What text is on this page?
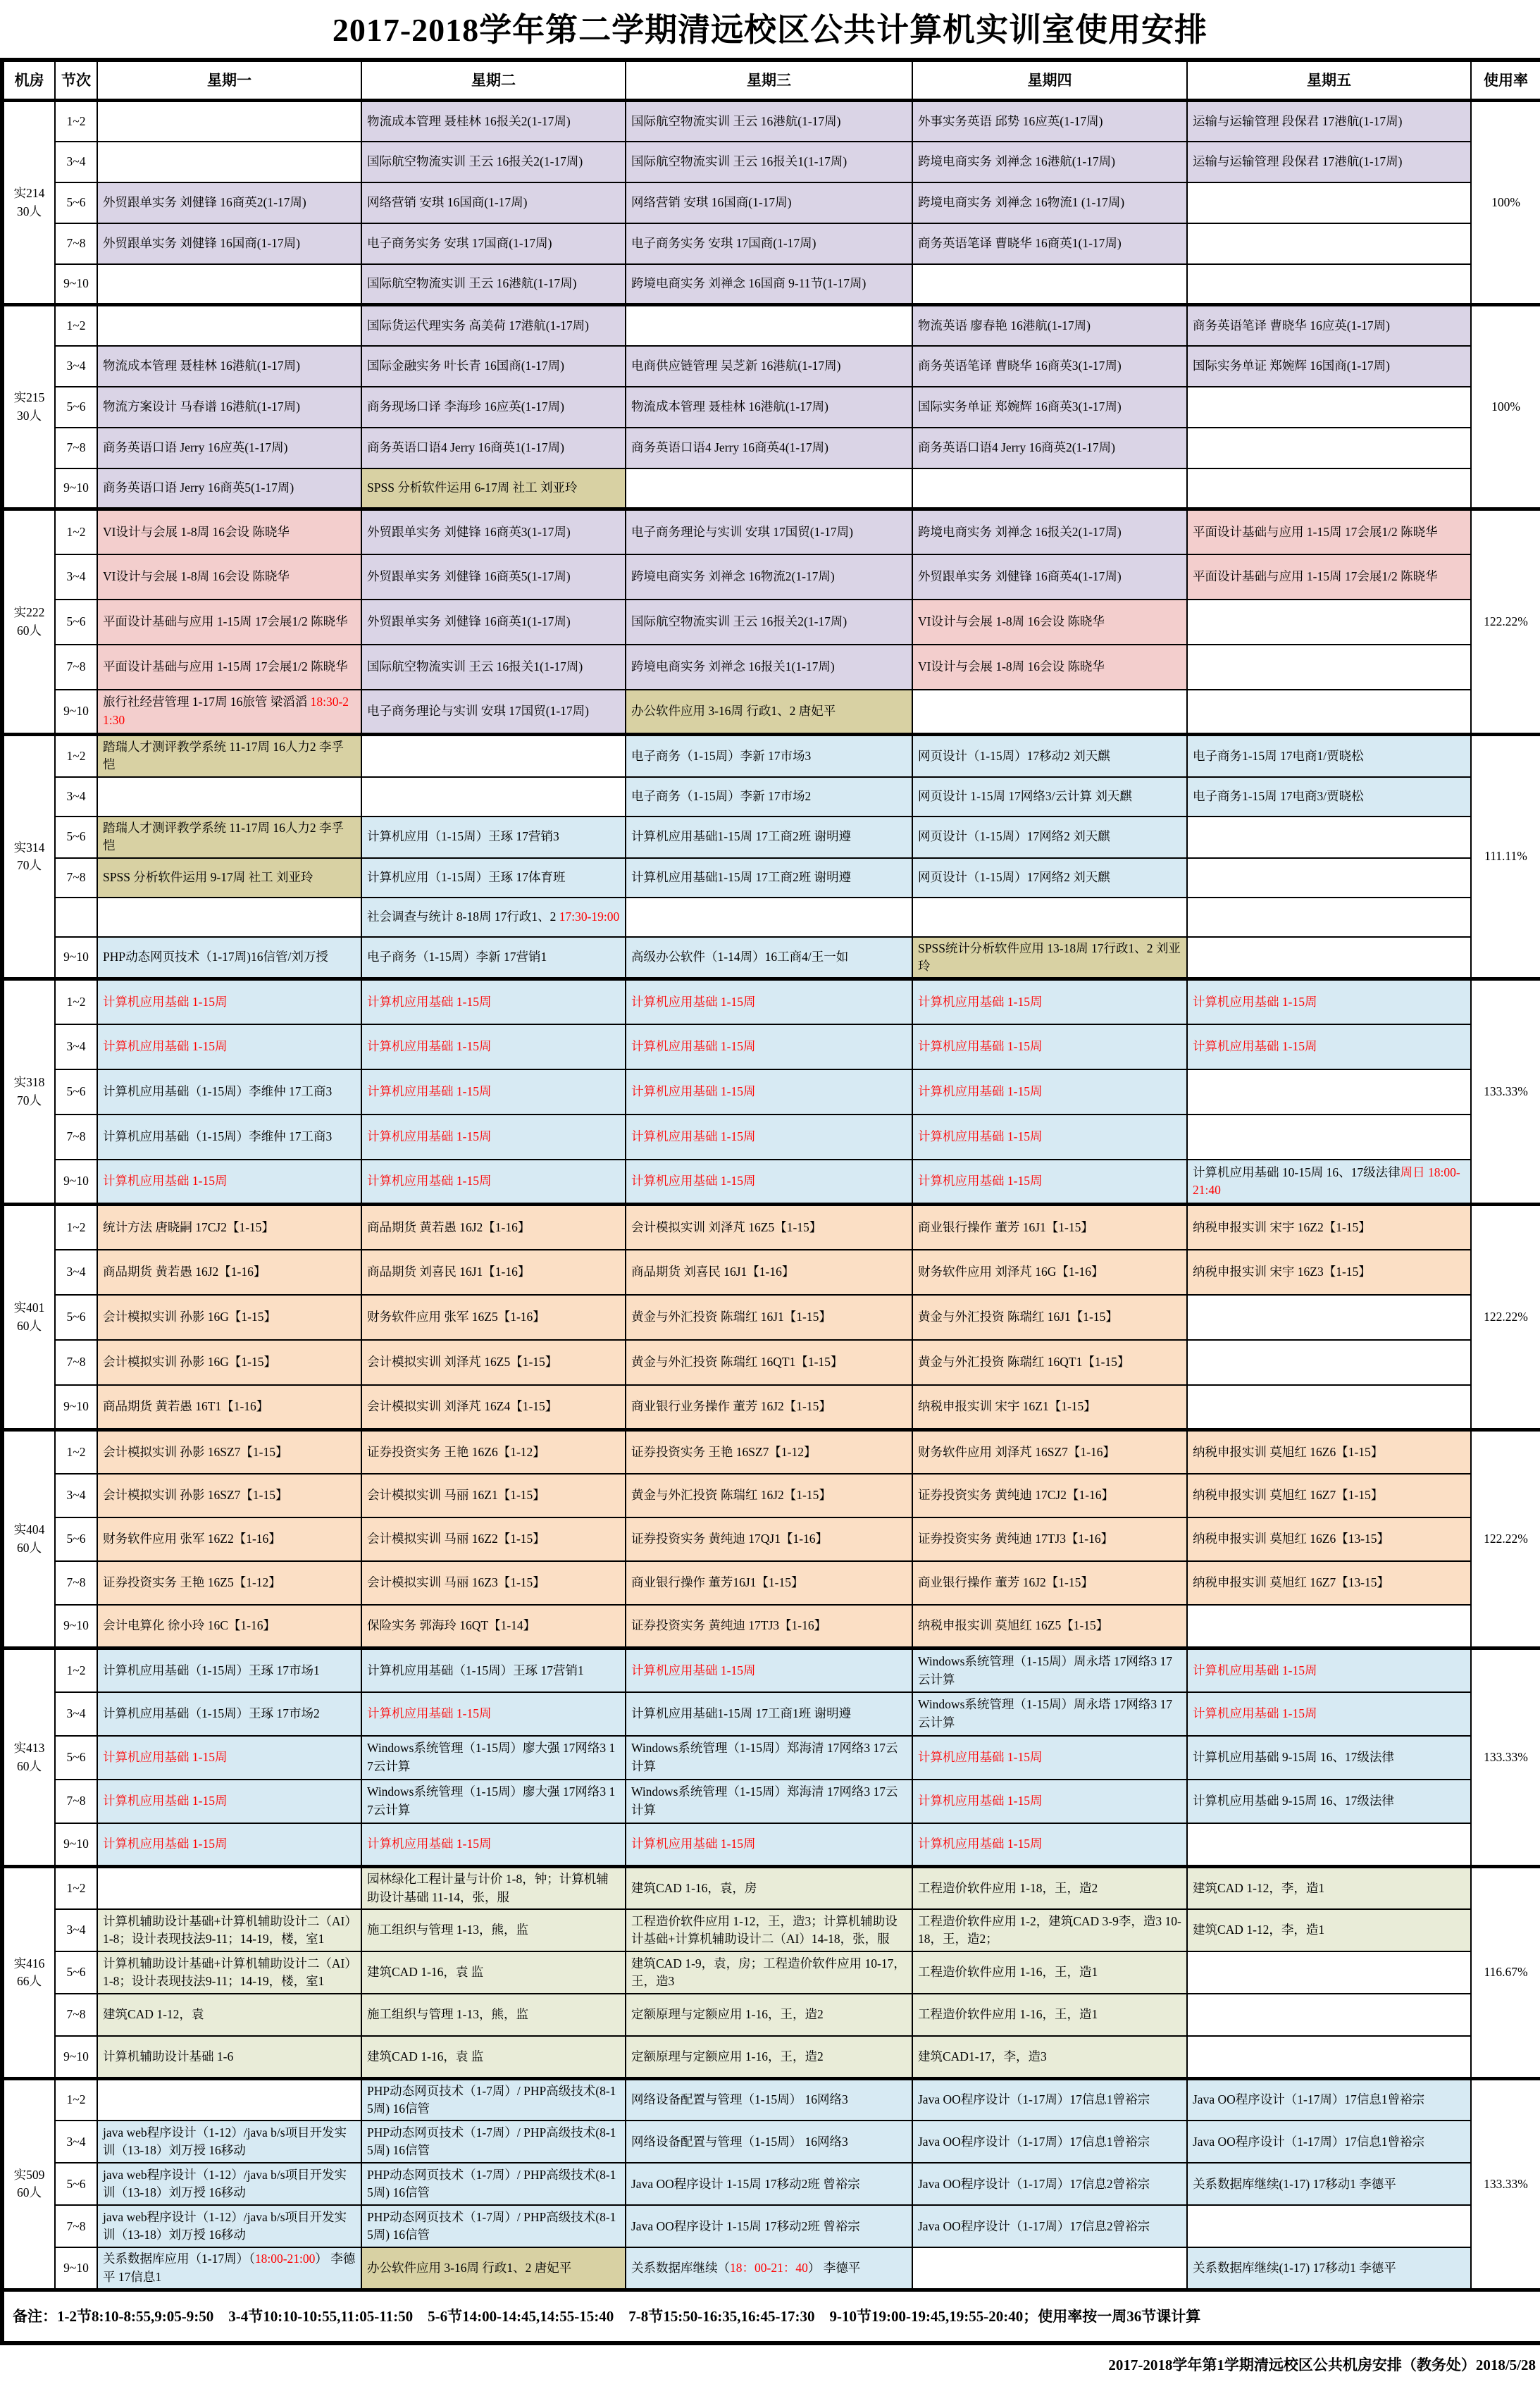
2017-2018学年第二学期清远校区公共计算机实训室使用安排
机房	节次	星期一	星期二	星期三	星期四	星期五	使用率

实214
30人	1~2		物流成本管理 聂桂林 16报关2(1-17周)	国际航空物流实训 王云 16港航(1-17周)	外事实务英语 邱势 16应英(1-17周)	运输与运输管理 段保君 17港航(1-17周)	100%
	3~4		国际航空物流实训 王云 16报关2(1-17周)	国际航空物流实训 王云 16报关1(1-17周)	跨境电商实务 刘禅念 16港航(1-17周)	运输与运输管理 段保君 17港航(1-17周)	
	5~6	外贸跟单实务 刘健锋 16商英2(1-17周)	网络营销 安琪 16国商(1-17周)	网络营销 安琪 16国商(1-17周)	跨境电商实务 刘禅念 16物流1 (1-17周)		
	7~8	外贸跟单实务 刘健锋 16国商(1-17周)	电子商务实务 安琪 17国商(1-17周)	电子商务实务 安琪 17国商(1-17周)	商务英语笔译 曹晓华 16商英1(1-17周)		
	9~10		国际航空物流实训 王云 16港航(1-17周)	跨境电商实务 刘禅念 16国商 9-11节(1-17周)			

实215
30人	1~2		国际货运代理实务 高美荷 17港航(1-17周)		物流英语 廖春艳 16港航(1-17周)	商务英语笔译 曹晓华 16应英(1-17周)	100%
	3~4	物流成本管理 聂桂林 16港航(1-17周)	国际金融实务 叶长青 16国商(1-17周)	电商供应链管理 吴芝新 16港航(1-17周)	商务英语笔译 曹晓华 16商英3(1-17周)	国际实务单证 郑婉辉 16国商(1-17周)	
	5~6	物流方案设计 马春谱 16港航(1-17周)	商务现场口译 李海珍 16应英(1-17周)	物流成本管理 聂桂林 16港航(1-17周)	国际实务单证 郑婉辉 16商英3(1-17周)		
	7~8	商务英语口语 Jerry 16应英(1-17周)	商务英语口语4 Jerry 16商英1(1-17周)	商务英语口语4 Jerry 16商英4(1-17周)	商务英语口语4 Jerry 16商英2(1-17周)		
	9~10	商务英语口语 Jerry 16商英5(1-17周)	SPSS 分析软件运用 6-17周 社工 刘亚玲				

实222
60人	1~2	VI设计与会展 1-8周 16会设 陈晓华	外贸跟单实务 刘健锋 16商英3(1-17周)	电子商务理论与实训 安琪 17国贸(1-17周)	跨境电商实务 刘禅念 16报关2(1-17周)	平面设计基础与应用 1-15周 17会展1/2 陈晓华	122.22%
	3~4	VI设计与会展 1-8周 16会设 陈晓华	外贸跟单实务 刘健锋 16商英5(1-17周)	跨境电商实务 刘禅念 16物流2(1-17周)	外贸跟单实务 刘健锋 16商英4(1-17周)	平面设计基础与应用 1-15周 17会展1/2 陈晓华	
	5~6	平面设计基础与应用 1-15周 17会展1/2 陈晓华	外贸跟单实务 刘健锋 16商英1(1-17周)	国际航空物流实训 王云 16报关2(1-17周)	VI设计与会展 1-8周 16会设 陈晓华		
	7~8	平面设计基础与应用 1-15周 17会展1/2 陈晓华	国际航空物流实训 王云 16报关1(1-17周)	跨境电商实务 刘禅念 16报关1(1-17周)	VI设计与会展 1-8周 16会设 陈晓华		
	9~10	旅行社经营管理 1-17周 16旅管 梁滔滔 18:30-21:30	电子商务理论与实训 安琪 17国贸(1-17周)	办公软件应用 3-16周 行政1、2 唐妃平			

实314
70人	1~2	踏瑞人才测评教学系统 11-17周 16人力2 李孚恺		电子商务（1-15周）李新 17市场3	网页设计（1-15周）17移动2 刘天麒	电子商务1-15周 17电商1/贾晓松	111.11%
	3~4			电子商务（1-15周）李新 17市场2	网页设计 1-15周 17网络3/云计算 刘天麒	电子商务1-15周 17电商3/贾晓松	
	5~6	踏瑞人才测评教学系统 11-17周 16人力2 李孚恺	计算机应用（1-15周）王琢 17营销3	计算机应用基础1-15周 17工商2班 谢明遵	网页设计（1-15周）17网络2 刘天麒		
	7~8	SPSS 分析软件运用 9-17周 社工 刘亚玲	计算机应用（1-15周）王琢 17体育班	计算机应用基础1-15周 17工商2班 谢明遵	网页设计（1-15周）17网络2 刘天麒		
			社会调查与统计 8-18周 17行政1、2 17:30-19:00				
	9~10	PHP动态网页技术（1-17周)16信管/刘万授	电子商务（1-15周）李新 17营销1	高级办公软件（1-14周）16工商4/王一如	SPSS统计分析软件应用 13-18周 17行政1、2 刘亚玲		

实318
70人	1~2	计算机应用基础 1-15周	计算机应用基础 1-15周	计算机应用基础 1-15周	计算机应用基础 1-15周	计算机应用基础 1-15周	133.33%
	3~4	计算机应用基础 1-15周	计算机应用基础 1-15周	计算机应用基础 1-15周	计算机应用基础 1-15周	计算机应用基础 1-15周	
	5~6	计算机应用基础（1-15周）李维仲 17工商3	计算机应用基础 1-15周	计算机应用基础 1-15周	计算机应用基础 1-15周		
	7~8	计算机应用基础（1-15周）李维仲 17工商3	计算机应用基础 1-15周	计算机应用基础 1-15周	计算机应用基础 1-15周		
	9~10	计算机应用基础 1-15周	计算机应用基础 1-15周	计算机应用基础 1-15周	计算机应用基础 1-15周	计算机应用基础 10-15周 16、17级法律周日 18:00-21:40	

实401
60人	1~2	统计方法 唐晓嗣 17CJ2【1-15】	商品期货 黄若愚 16J2【1-16】	会计模拟实训 刘泽芃 16Z5【1-15】	商业银行操作 董芳 16J1【1-15】	纳税申报实训 宋宇 16Z2【1-15】	122.22%
	3~4	商品期货 黄若愚 16J2【1-16】	商品期货 刘喜民 16J1【1-16】	商品期货 刘喜民 16J1【1-16】	财务软件应用 刘泽芃 16G【1-16】	纳税申报实训 宋宇 16Z3【1-15】	
	5~6	会计模拟实训 孙影 16G【1-15】	财务软件应用 张军 16Z5【1-16】	黄金与外汇投资 陈瑞红 16J1【1-15】	黄金与外汇投资 陈瑞红 16J1【1-15】		
	7~8	会计模拟实训 孙影 16G【1-15】	会计模拟实训 刘泽芃 16Z5【1-15】	黄金与外汇投资 陈瑞红 16QT1【1-15】	黄金与外汇投资 陈瑞红 16QT1【1-15】		
	9~10	商品期货 黄若愚 16T1【1-16】	会计模拟实训 刘泽芃 16Z4【1-15】	商业银行业务操作 董芳 16J2【1-15】	纳税申报实训 宋宇 16Z1【1-15】		

实404
60人	1~2	会计模拟实训 孙影 16SZ7【1-15】	证券投资实务 王艳 16Z6【1-12】	证券投资实务 王艳 16SZ7【1-12】	财务软件应用 刘泽芃 16SZ7【1-16】	纳税申报实训 莫旭红 16Z6【1-15】	122.22%
	3~4	会计模拟实训 孙影 16SZ7【1-15】	会计模拟实训 马丽 16Z1【1-15】	黄金与外汇投资 陈瑞红 16J2【1-15】	证券投资实务 黄纯迪 17CJ2【1-16】	纳税申报实训 莫旭红 16Z7【1-15】	
	5~6	财务软件应用 张军 16Z2【1-16】	会计模拟实训 马丽 16Z2【1-15】	证券投资实务 黄纯迪 17QJ1【1-16】	证券投资实务 黄纯迪 17TJ3【1-16】	纳税申报实训 莫旭红 16Z6【13-15】	
	7~8	证券投资实务 王艳 16Z5【1-12】	会计模拟实训 马丽 16Z3【1-15】	商业银行操作 董芳16J1【1-15】	商业银行操作 董芳 16J2【1-15】	纳税申报实训 莫旭红 16Z7【13-15】	
	9~10	会计电算化 徐小玲 16C【1-16】	保险实务 郭海玲 16QT【1-14】	证券投资实务 黄纯迪 17TJ3【1-16】	纳税申报实训 莫旭红 16Z5【1-15】		

实413
60人	1~2	计算机应用基础（1-15周）王琢 17市场1	计算机应用基础（1-15周）王琢 17营销1	计算机应用基础 1-15周	Windows系统管理（1-15周）周永塔 17网络3 17云计算	计算机应用基础 1-15周	133.33%
	3~4	计算机应用基础（1-15周）王琢 17市场2	计算机应用基础 1-15周	计算机应用基础1-15周 17工商1班 谢明遵	Windows系统管理（1-15周）周永塔 17网络3 17云计算	计算机应用基础 1-15周	
	5~6	计算机应用基础 1-15周	Windows系统管理（1-15周）廖大强 17网络3 17云计算	Windows系统管理（1-15周）郑海清 17网络3 17云计算	计算机应用基础 1-15周	计算机应用基础 9-15周 16、17级法律	
	7~8	计算机应用基础 1-15周	Windows系统管理（1-15周）廖大强 17网络3 17云计算	Windows系统管理（1-15周）郑海清 17网络3 17云计算	计算机应用基础 1-15周	计算机应用基础 9-15周 16、17级法律	
	9~10	计算机应用基础 1-15周	计算机应用基础 1-15周	计算机应用基础 1-15周	计算机应用基础 1-15周		

实416
66人	1~2		园林绿化工程计量与计价 1-8，钟；计算机辅助设计基础 11-14，张，服	建筑CAD 1-16，袁，房	工程造价软件应用 1-18，王，造2	建筑CAD 1-12，李，造1	116.67%
	3~4	计算机辅助设计基础+计算机辅助设计二（AI）1-8；设计表现技法9-11；14-19，楼，室1	施工组织与管理 1-13，熊，监	工程造价软件应用 1-12，王，造3；计算机辅助设计基础+计算机辅助设计二（AI）14-18，张，服	工程造价软件应用 1-2，建筑CAD 3-9李，造3 10-18，王，造2；	建筑CAD 1-12，李，造1	
	5~6	计算机辅助设计基础+计算机辅助设计二（AI）1-8；设计表现技法9-11；14-19，楼，室1	建筑CAD 1-16，袁 监	建筑CAD 1-9，袁，房；工程造价软件应用 10-17，王，造3	工程造价软件应用 1-16，王，造1		
	7~8	建筑CAD 1-12，袁	施工组织与管理 1-13，熊，监	定额原理与定额应用 1-16，王，造2	工程造价软件应用 1-16，王，造1		
	9~10	计算机辅助设计基础 1-6	建筑CAD 1-16，袁 监	定额原理与定额应用 1-16，王，造2	建筑CAD1-17，李，造3		

实509
60人	1~2		PHP动态网页技术（1-7周）/ PHP高级技术(8-15周) 16信管	网络设备配置与管理（1-15周） 16网络3	Java OO程序设计（1-17周）17信息1曾裕宗	Java OO程序设计（1-17周）17信息1曾裕宗	133.33%
	3~4	java web程序设计（1-12）/java b/s项目开发实训（13-18）刘万授 16移动	PHP动态网页技术（1-7周）/ PHP高级技术(8-15周) 16信管	网络设备配置与管理（1-15周） 16网络3	Java OO程序设计（1-17周）17信息1曾裕宗	Java OO程序设计（1-17周）17信息1曾裕宗	
	5~6	java web程序设计（1-12）/java b/s项目开发实训（13-18）刘万授 16移动	PHP动态网页技术（1-7周）/ PHP高级技术(8-15周) 16信管	Java OO程序设计 1-15周 17移动2班 曾裕宗	Java OO程序设计（1-17周）17信息2曾裕宗	关系数据库继续(1-17) 17移动1 李德平	
	7~8	java web程序设计（1-12）/java b/s项目开发实训（13-18）刘万授 16移动	PHP动态网页技术（1-7周）/ PHP高级技术(8-15周) 16信管	Java OO程序设计 1-15周 17移动2班 曾裕宗	Java OO程序设计（1-17周）17信息2曾裕宗		
	9~10	关系数据库应用（1-17周）（18:00-21:00） 李德平 17信息1	办公软件应用 3-16周 行政1、2 唐妃平	关系数据库继续（18：00-21：40） 李德平		关系数据库继续(1-17) 17移动1 李德平	
备注：1-2节8:10-8:55,9:05-9:50　3-4节10:10-10:55,11:05-11:50　5-6节14:00-14:45,14:55-15:40　7-8节15:50-16:35,16:45-17:30　9-10节19:00-19:45,19:55-20:40；使用率按一周36节课计算							
2017-2018学年第1学期清远校区公共机房安排（教务处）2018/5/28
